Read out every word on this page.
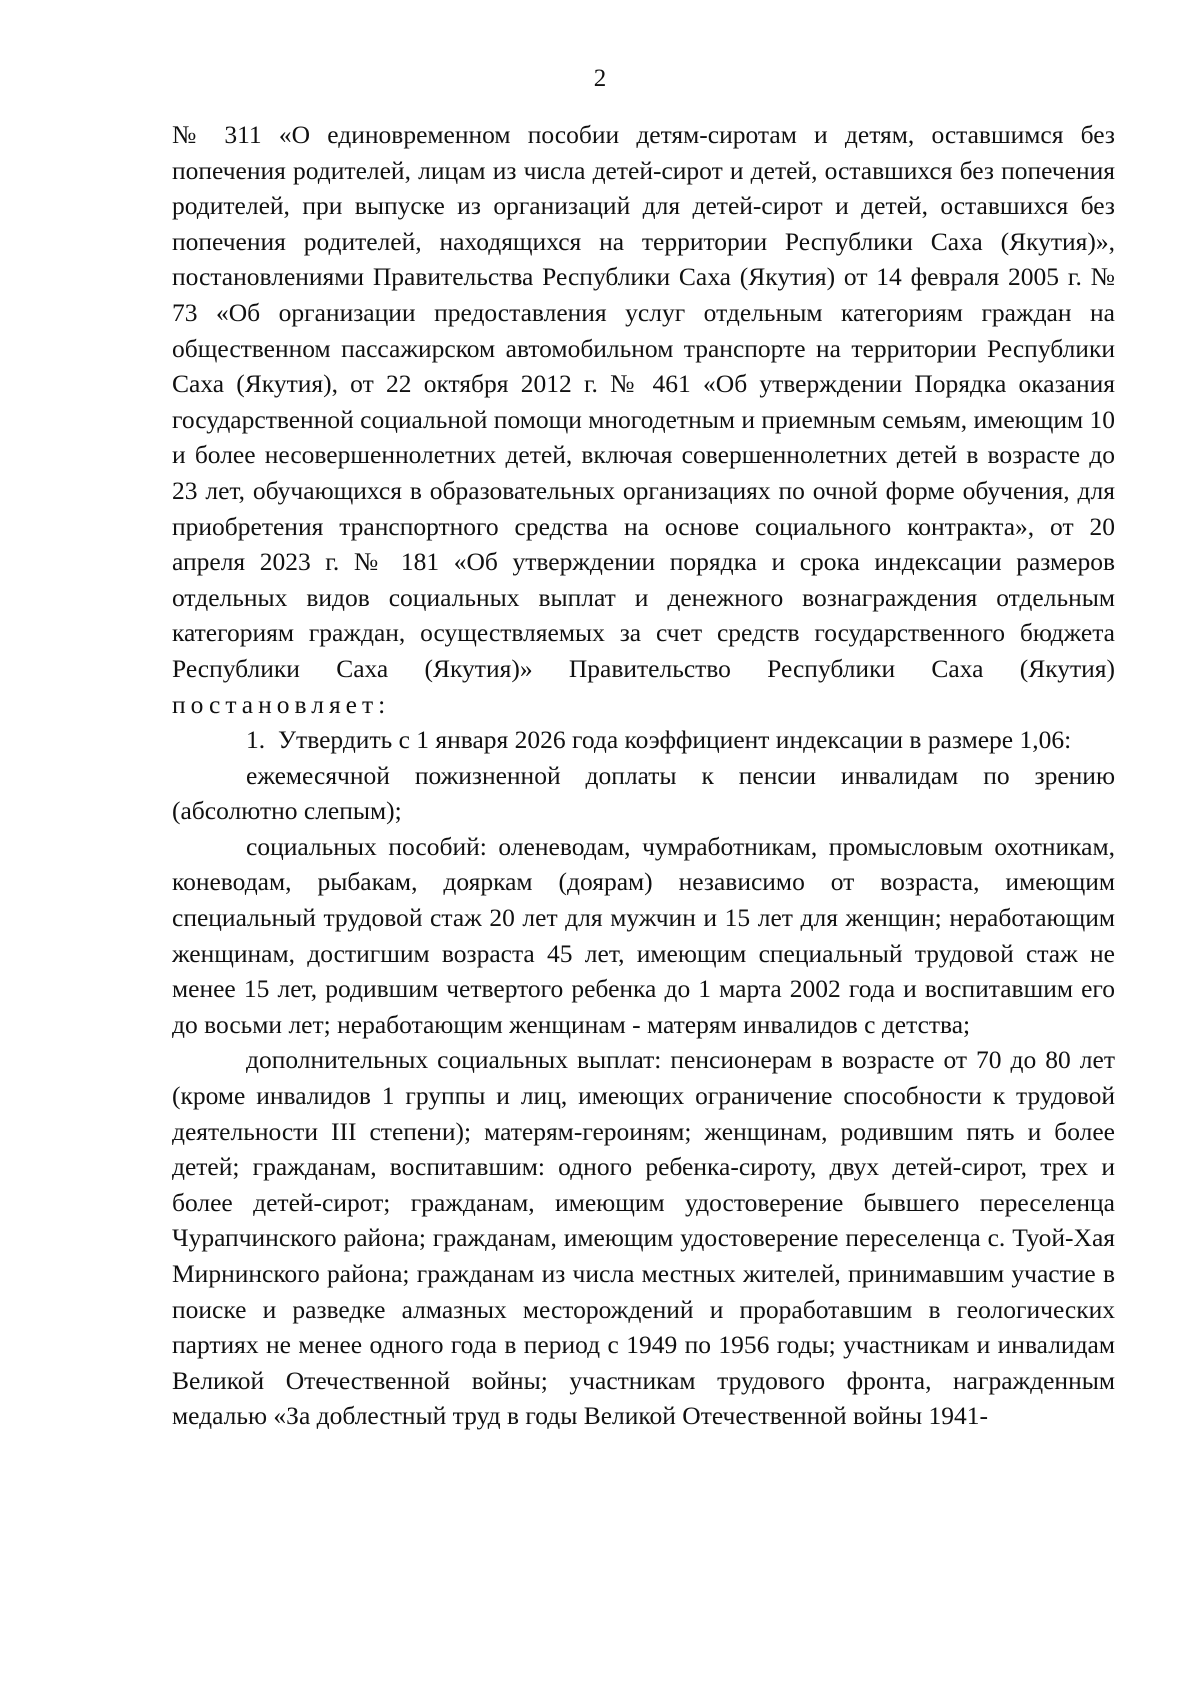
2

№ 311 «О единовременном пособии детям-сиротам и детям, оставшимся без попечения родителей, лицам из числа детей-сирот и детей, оставшихся без попечения родителей, при выпуске из организаций для детей-сирот и детей, оставшихся без попечения родителей, находящихся на территории Республики Саха (Якутия)», постановлениями Правительства Республики Саха (Якутия) от 14 февраля 2005 г. № 73 «Об организации предоставления услуг отдельным категориям граждан на общественном пассажирском автомобильном транспорте на территории Республики Саха (Якутия), от 22 октября 2012 г. № 461 «Об утверждении Порядка оказания государственной социальной помощи многодетным и приемным семьям, имеющим 10 и более несовершеннолетних детей, включая совершеннолетних детей в возрасте до 23 лет, обучающихся в образовательных организациях по очной форме обучения, для приобретения транспортного средства на основе социального контракта», от 20 апреля 2023 г. № 181 «Об утверждении порядка и срока индексации размеров отдельных видов социальных выплат и денежного вознаграждения отдельным категориям граждан, осуществляемых за счет средств государственного бюджета Республики Саха (Якутия)» Правительство Республики Саха (Якутия) постановляет:

1. Утвердить с 1 января 2026 года коэффициент индексации в размере 1,06:

ежемесячной пожизненной доплаты к пенсии инвалидам по зрению (абсолютно слепым);

социальных пособий: оленеводам, чумработникам, промысловым охотникам, коневодам, рыбакам, дояркам (доярам) независимо от возраста, имеющим специальный трудовой стаж 20 лет для мужчин и 15 лет для женщин; неработающим женщинам, достигшим возраста 45 лет, имеющим специальный трудовой стаж не менее 15 лет, родившим четвертого ребенка до 1 марта 2002 года и воспитавшим его до восьми лет; неработающим женщинам - матерям инвалидов с детства;

дополнительных социальных выплат: пенсионерам в возрасте от 70 до 80 лет (кроме инвалидов 1 группы и лиц, имеющих ограничение способности к трудовой деятельности III степени); матерям-героиням; женщинам, родившим пять и более детей; гражданам, воспитавшим: одного ребенка-сироту, двух детей-сирот, трех и более детей-сирот; гражданам, имеющим удостоверение бывшего переселенца Чурапчинского района; гражданам, имеющим удостоверение переселенца с. Туой-Хая Мирнинского района; гражданам из числа местных жителей, принимавшим участие в поиске и разведке алмазных месторождений и проработавшим в геологических партиях не менее одного года в период с 1949 по 1956 годы; участникам и инвалидам Великой Отечественной войны; участникам трудового фронта, награжденным медалью «За доблестный труд в годы Великой Отечественной войны 1941-
